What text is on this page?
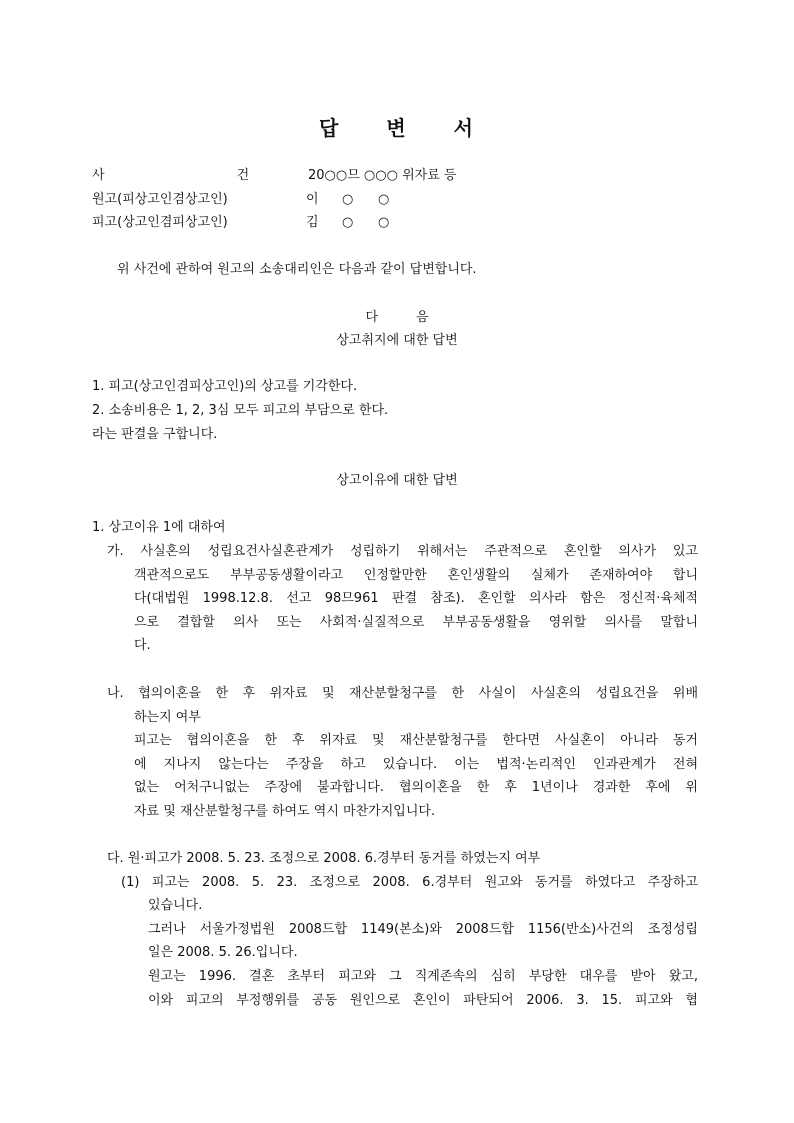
답 변 서
사	건	20○○므 ○○○ 위자료 등
원고(피상고인겸상고인)	이 ○ ○
피고(상고인겸피상고인)	김 ○ ○
위 사건에 관하여 원고의 소송대리인은 다음과 같이 답변합니다.
다	음
상고취지에 대한 답변
1. 피고(상고인겸피상고인)의 상고를 기각한다.
2. 소송비용은 1, 2, 3심 모두 피고의 부담으로 한다.
라는 판결을 구합니다.
상고이유에 대한 답변
1. 상고이유 1에 대하여
가. 사실혼의 성립요건사실혼관계가 성립하기 위해서는 주관적으로 혼인할 의사가 있고
객관적으로도 부부공동생활이라고 인정할만한 혼인생활의 실체가 존재하여야 합니
다(대법원 1998.12.8. 선고 98므961 판결 참조). 혼인할 의사라 함은 정신적·육체적
으로 결합할 의사 또는 사회적·실질적으로 부부공동생활을 영위할 의사를 말합니
다.
나. 협의이혼을 한 후 위자료 및 재산분할청구를 한 사실이 사실혼의 성립요건을 위배
하는지 여부
피고는 협의이혼을 한 후 위자료 및 재산분할청구를 한다면 사실혼이 아니라 동거
에 지나지 않는다는 주장을 하고 있습니다. 이는 법적·논리적인 인과관계가 전혀
없는 어처구니없는 주장에 불과합니다. 협의이혼을 한 후 1년이나 경과한 후에 위
자료 및 재산분할청구를 하여도 역시 마찬가지입니다.
다. 원·피고가 2008. 5. 23. 조정으로 2008. 6.경부터 동거를 하였는지 여부
(1) 피고는 2008. 5. 23. 조정으로 2008. 6.경부터 원고와 동거를 하였다고 주장하고
있습니다.
그러나 서울가정법원 2008드합 1149(본소)와 2008드합 1156(반소)사건의 조정성립
일은 2008. 5. 26.입니다.
원고는 1996. 결혼 초부터 피고와 그 직계존속의 심히 부당한 대우를 받아 왔고,
이와 피고의 부정행위를 공동 원인으로 혼인이 파탄되어 2006. 3. 15. 피고와 협
